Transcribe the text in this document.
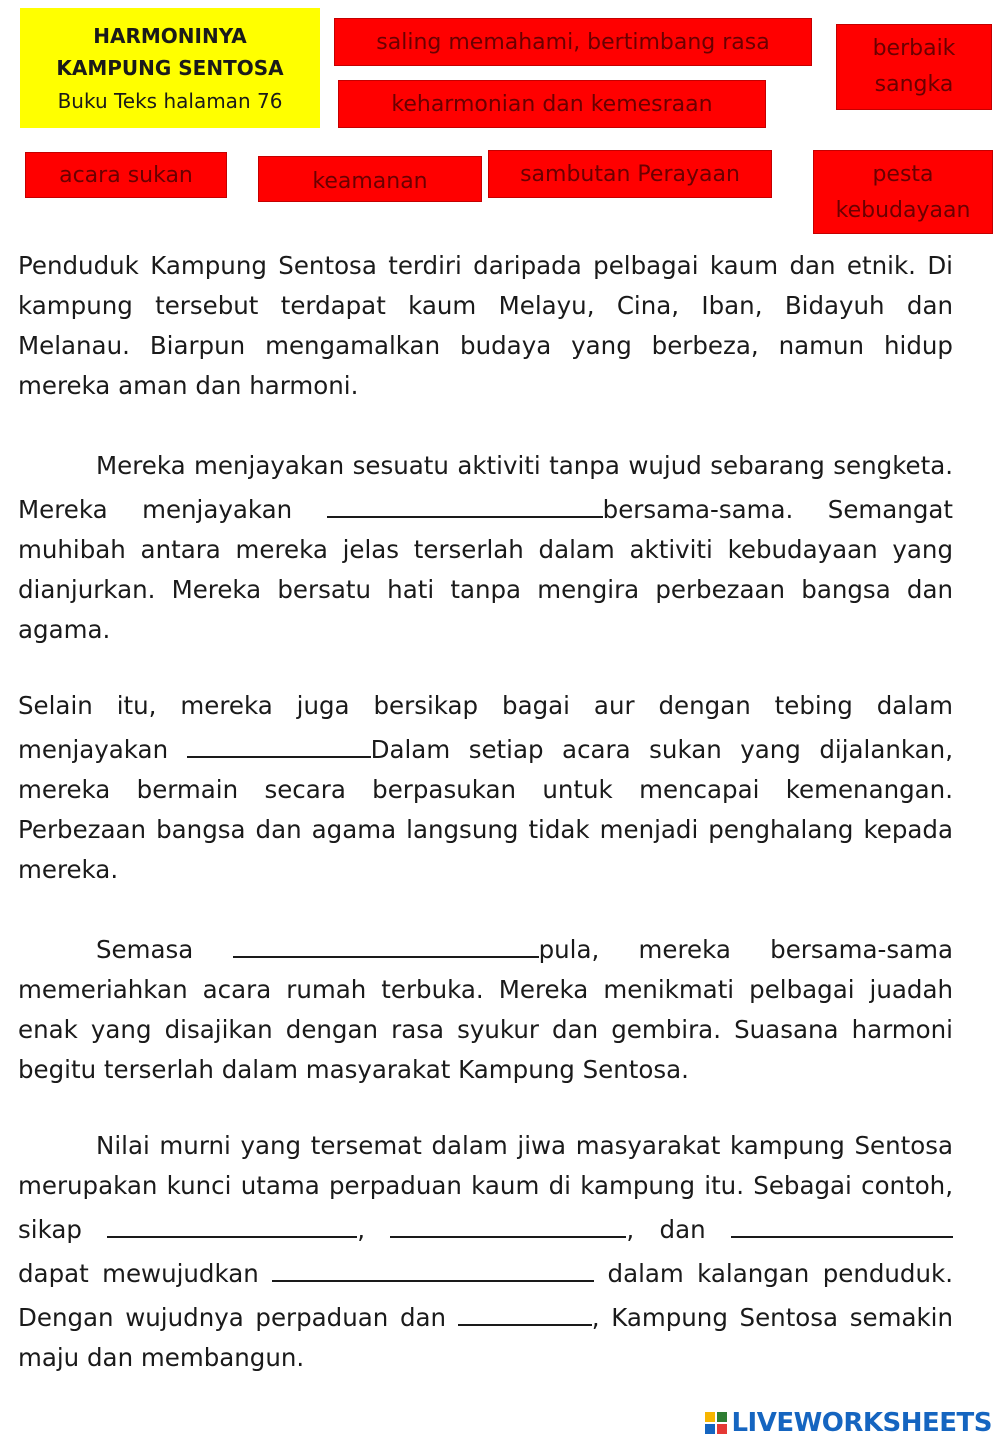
HARMONINYA
KAMPUNG SENTOSA
Buku Teks halaman 76
saling memahami, bertimbang rasa
keharmonian dan kemesraan
berbaik
sangka
acara sukan	keamanan	sambutan Perayaan	pesta
kebudayaan

Penduduk Kampung Sentosa terdiri daripada pelbagai kaum dan etnik. Di kampung tersebut terdapat kaum Melayu, Cina, Iban, Bidayuh dan Melanau. Biarpun mengamalkan budaya yang berbeza, namun hidup mereka aman dan harmoni.

Mereka menjayakan sesuatu aktiviti tanpa wujud sebarang sengketa. Mereka menjayakan	bersama-sama. Semangat muhibah antara mereka jelas terserlah dalam aktiviti kebudayaan yang dianjurkan. Mereka bersatu hati tanpa mengira perbezaan bangsa dan agama.

Selain itu, mereka juga bersikap bagai aur dengan tebing dalam menjayakan	Dalam setiap acara sukan yang dijalankan, mereka bermain secara berpasukan untuk mencapai kemenangan. Perbezaan bangsa dan agama langsung tidak menjadi penghalang kepada mereka.

Semasa	pula, mereka bersama-sama memeriahkan acara rumah terbuka. Mereka menikmati pelbagai juadah enak yang disajikan dengan rasa syukur dan gembira. Suasana harmoni begitu terserlah dalam masyarakat Kampung Sentosa.

Nilai murni yang tersemat dalam jiwa masyarakat kampung Sentosa merupakan kunci utama perpaduan kaum di kampung itu. Sebagai contoh, sikap	,	, dan dapat mewujudkan	dalam kalangan penduduk. Dengan wujudnya perpaduan dan	, Kampung Sentosa semakin maju dan membangun.

LIVEWORKSHEETS
